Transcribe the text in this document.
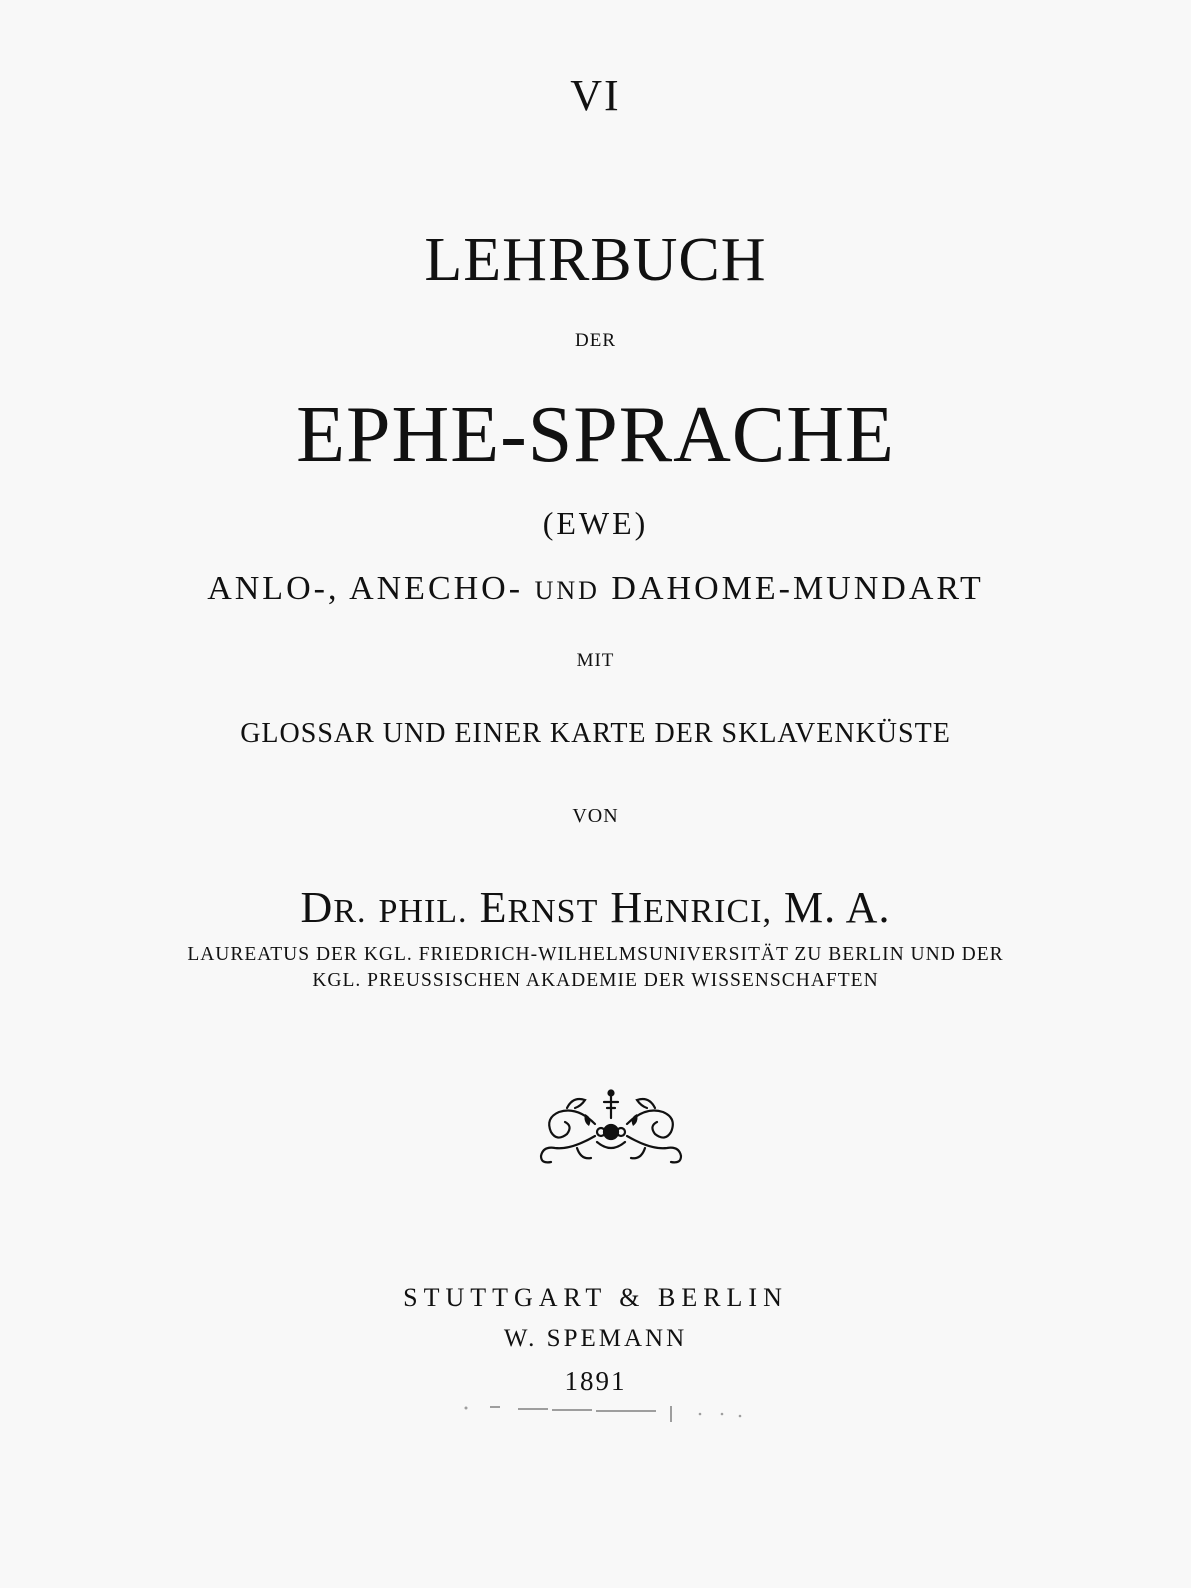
VI
LEHRBUCH
DER
EPHE-SPRACHE
(EWE)
ANLO-, ANECHO- UND DAHOME-MUNDART
MIT
GLOSSAR UND EINER KARTE DER SKLAVENKÜSTE
VON
DR. PHIL. ERNST HENRICI, M. A.
LAUREATUS DER KGL. FRIEDRICH-WILHELMSUNIVERSITÄT ZU BERLIN UND DER
KGL. PREUSSISCHEN AKADEMIE DER WISSENSCHAFTEN
STUTTGART & BERLIN
W. SPEMANN
1891
